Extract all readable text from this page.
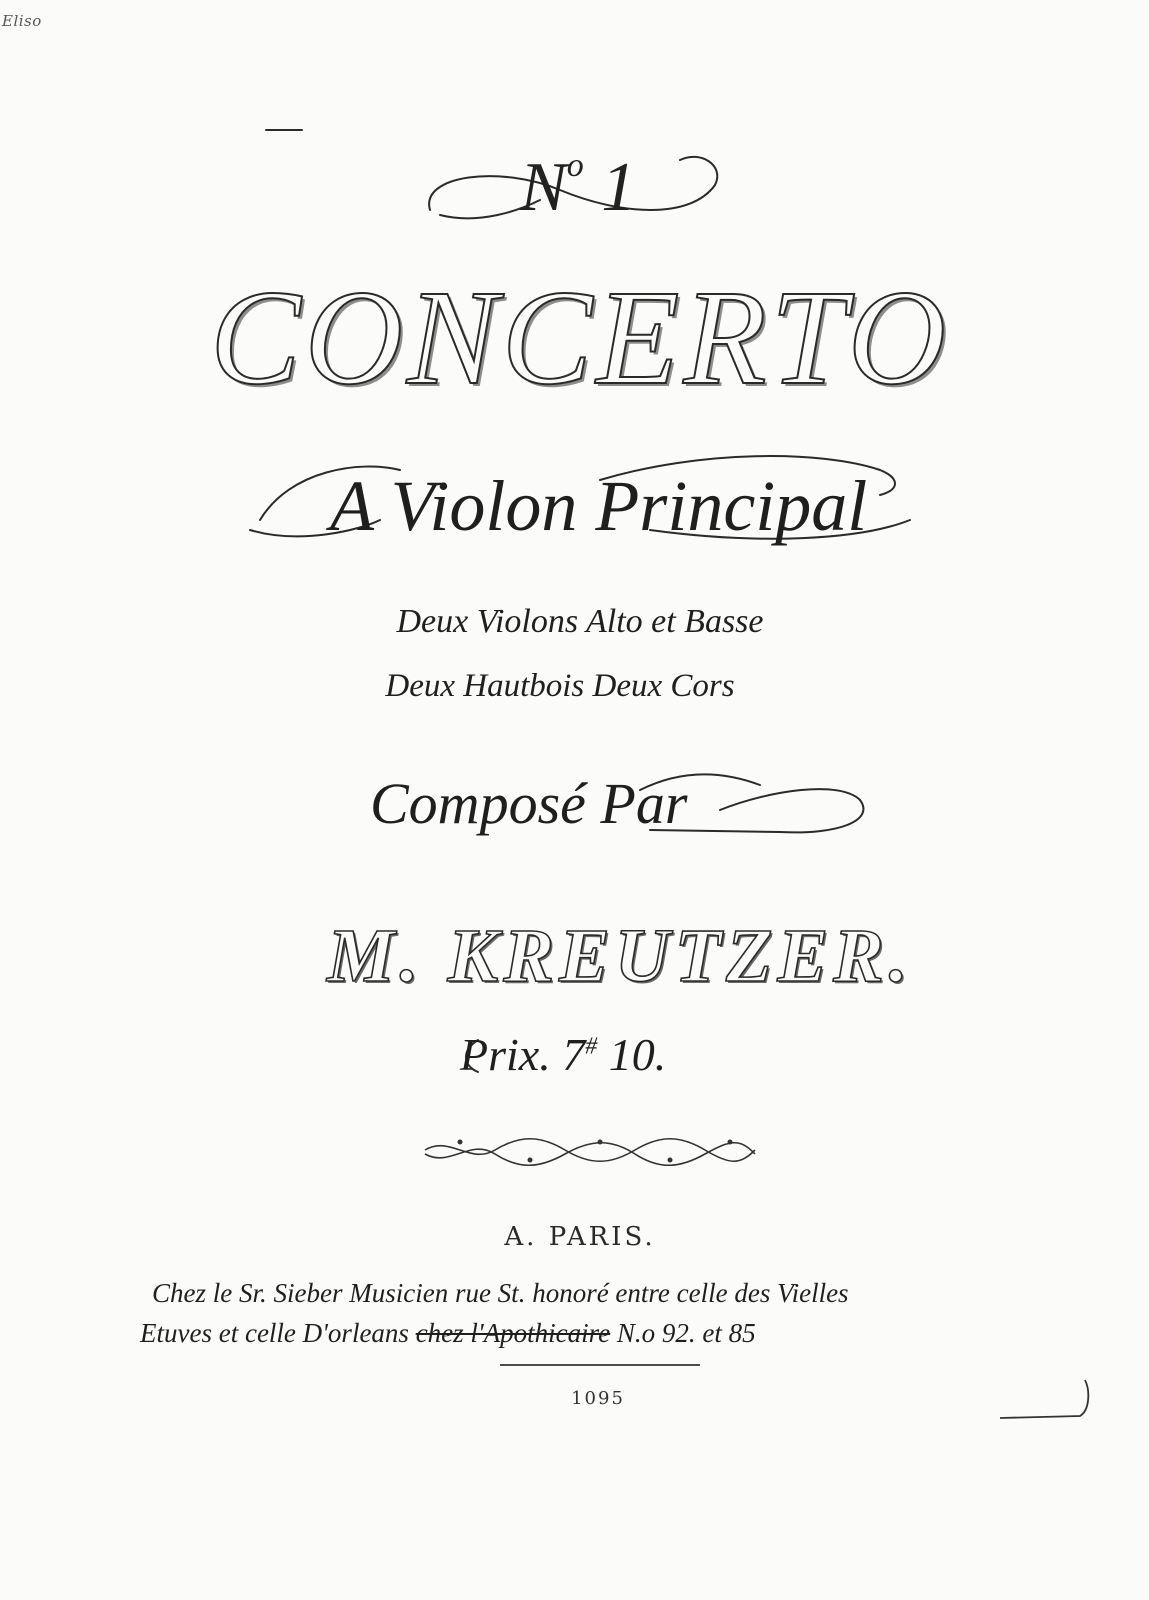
Eliso
$N^o$ 1
CONCERTO
A Violon Principal
Deux Violons Alto et Basse
Deux Hautbois Deux Cors
Composé Par
M. KREUTZER.
Prix. 7# 10.
A. PARIS.
Chez le Sr. Sieber Musicien rue St. honoré entre celle des Vielles
Etuves et celle D'orleans chez l'Apothicaire N.o 92. et 85
1095
